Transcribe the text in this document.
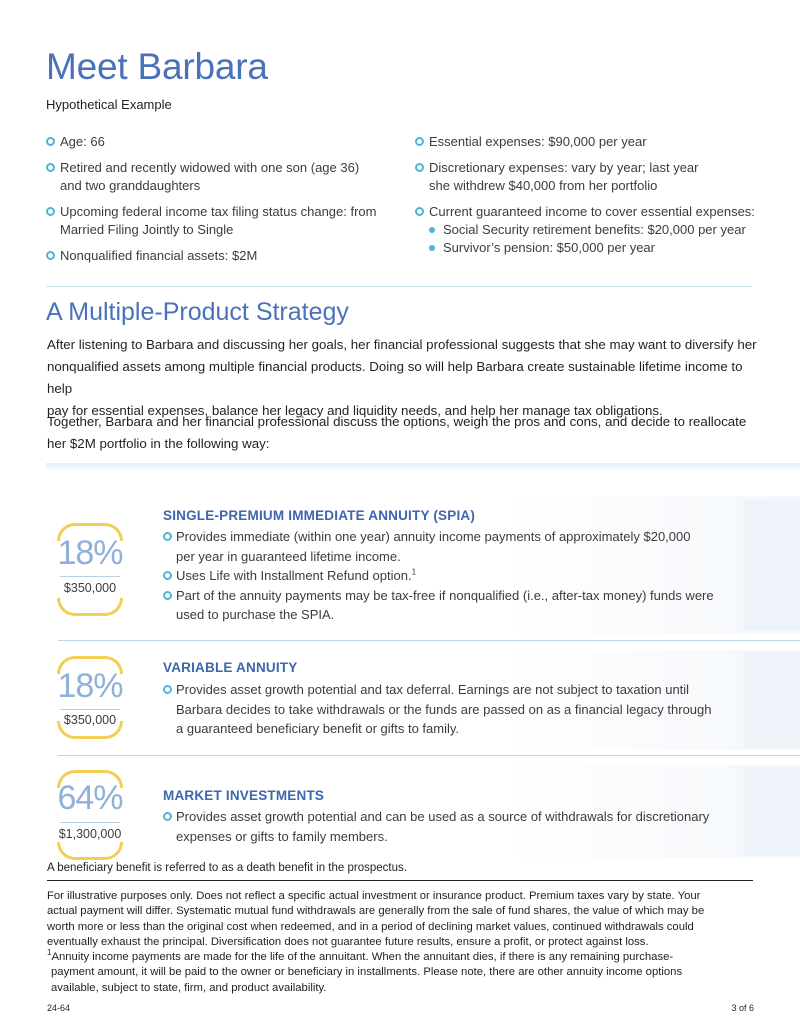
Meet Barbara
Hypothetical Example
Age: 66
Retired and recently widowed with one son (age 36)
and two granddaughters
Upcoming federal income tax filing status change: from
Married Filing Jointly to Single
Nonqualified financial assets: $2M
Essential expenses: $90,000 per year
Discretionary expenses: vary by year; last year
she withdrew $40,000 from her portfolio
Current guaranteed income to cover essential expenses:
Social Security retirement benefits: $20,000 per year
Survivor’s pension: $50,000 per year
A Multiple-Product Strategy
After listening to Barbara and discussing her goals, her financial professional suggests that she may want to diversify her
nonqualified assets among multiple financial products. Doing so will help Barbara create sustainable lifetime income to help
pay for essential expenses, balance her legacy and liquidity needs, and help her manage tax obligations.
Together, Barbara and her financial professional discuss the options, weigh the pros and cons, and decide to reallocate
her $2M portfolio in the following way:
18%
$350,000
SINGLE-PREMIUM IMMEDIATE ANNUITY (SPIA)
Provides immediate (within one year) annuity income payments of approximately $20,000
per year in guaranteed lifetime income.
Uses Life with Installment Refund option.$^1$
Part of the annuity payments may be tax-free if nonqualified (i.e., after-tax money) funds were
used to purchase the SPIA.
18%
$350,000
VARIABLE ANNUITY
Provides asset growth potential and tax deferral. Earnings are not subject to taxation until
Barbara decides to take withdrawals or the funds are passed on as a financial legacy through
a guaranteed beneficiary benefit or gifts to family.
64%
$1,300,000
MARKET INVESTMENTS
Provides asset growth potential and can be used as a source of withdrawals for discretionary
expenses or gifts to family members.
A beneficiary benefit is referred to as a death benefit in the prospectus.
For illustrative purposes only. Does not reflect a specific actual investment or insurance product. Premium taxes vary by state. Your
actual payment will differ. Systematic mutual fund withdrawals are generally from the sale of fund shares, the value of which may be
worth more or less than the original cost when redeemed, and in a period of declining market values, continued withdrawals could
eventually exhaust the principal. Diversification does not guarantee future results, ensure a profit, or protect against loss.
$^1$Annuity income payments are made for the life of the annuitant. When the annuitant dies, if there is any remaining purchase-
payment amount, it will be paid to the owner or beneficiary in installments. Please note, there are other annuity income options
available, subject to state, firm, and product availability.
24-64	3 of 6
